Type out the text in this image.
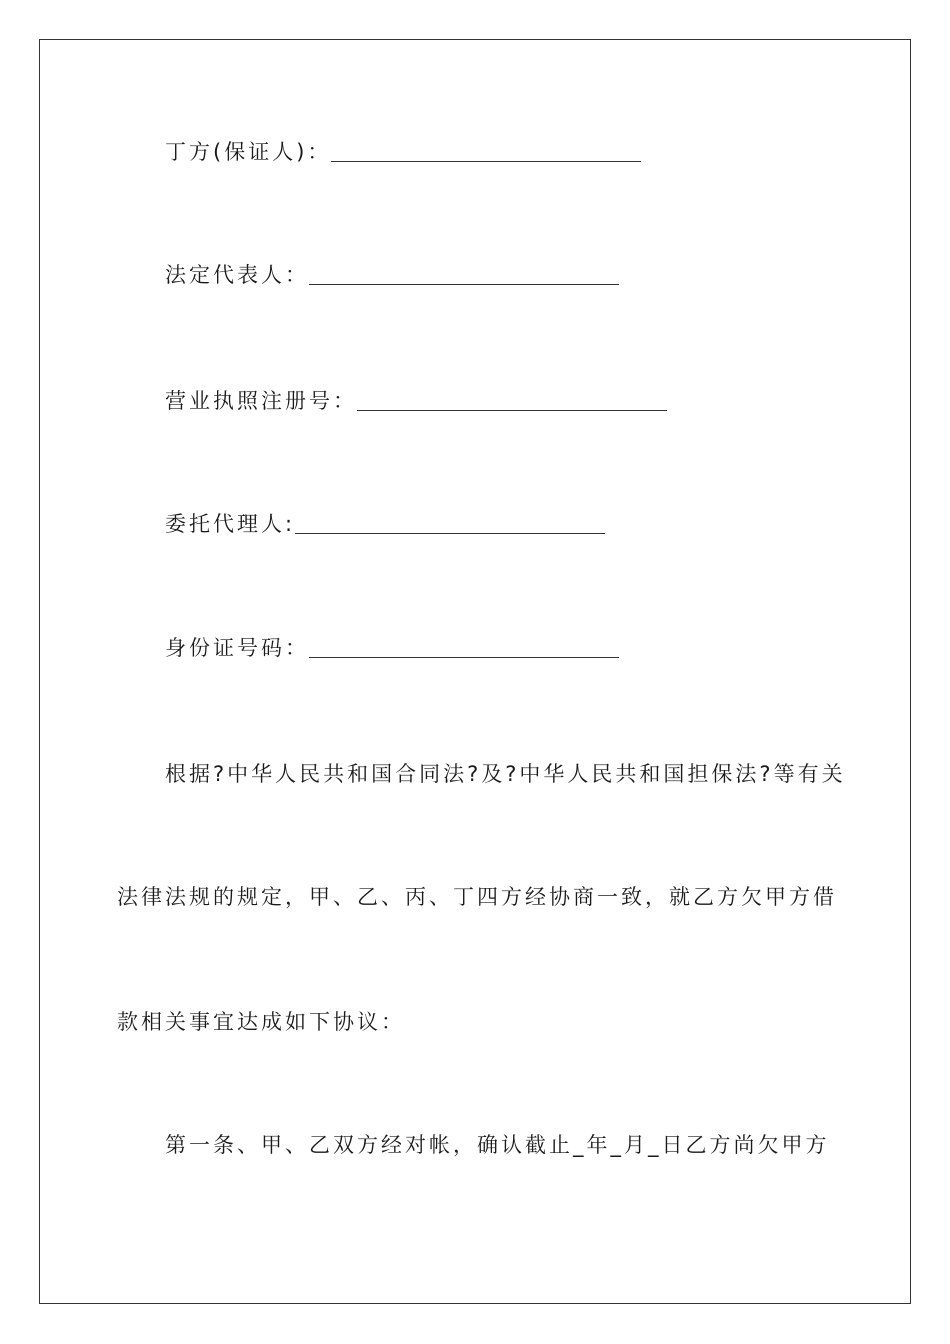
丁方(保证人)：
法定代表人：
营业执照注册号：
委托代理人:
身份证号码：

根据?中华人民共和国合同法?及?中华人民共和国担保法?等有关

法律法规的规定，甲、乙、丙、丁四方经协商一致，就乙方欠甲方借

款相关事宜达成如下协议：

第一条、甲、乙双方经对帐，确认截止_年_月_日乙方尚欠甲方
